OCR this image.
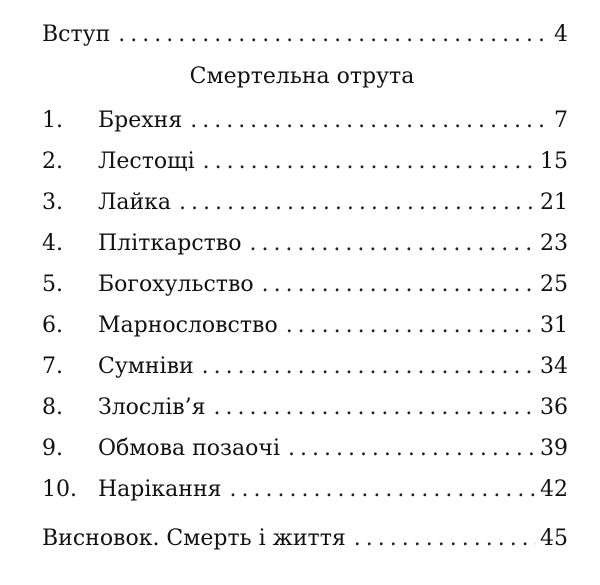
Вступ .....	4
Смертельна отрута
1.	Брехня .....	7
2.	Лестощі .....	15
3.	Лайка .....	21
4.	Пліткарство .....	23
5.	Богохульство .....	25
6.	Марнословство .....	31
7.	Сумніви .....	34
8.	Злослів’я .....	36
9.	Обмова позаочі .....	39
10. Нарікання .....	42
Висновок. Смерть і життя .....	45
